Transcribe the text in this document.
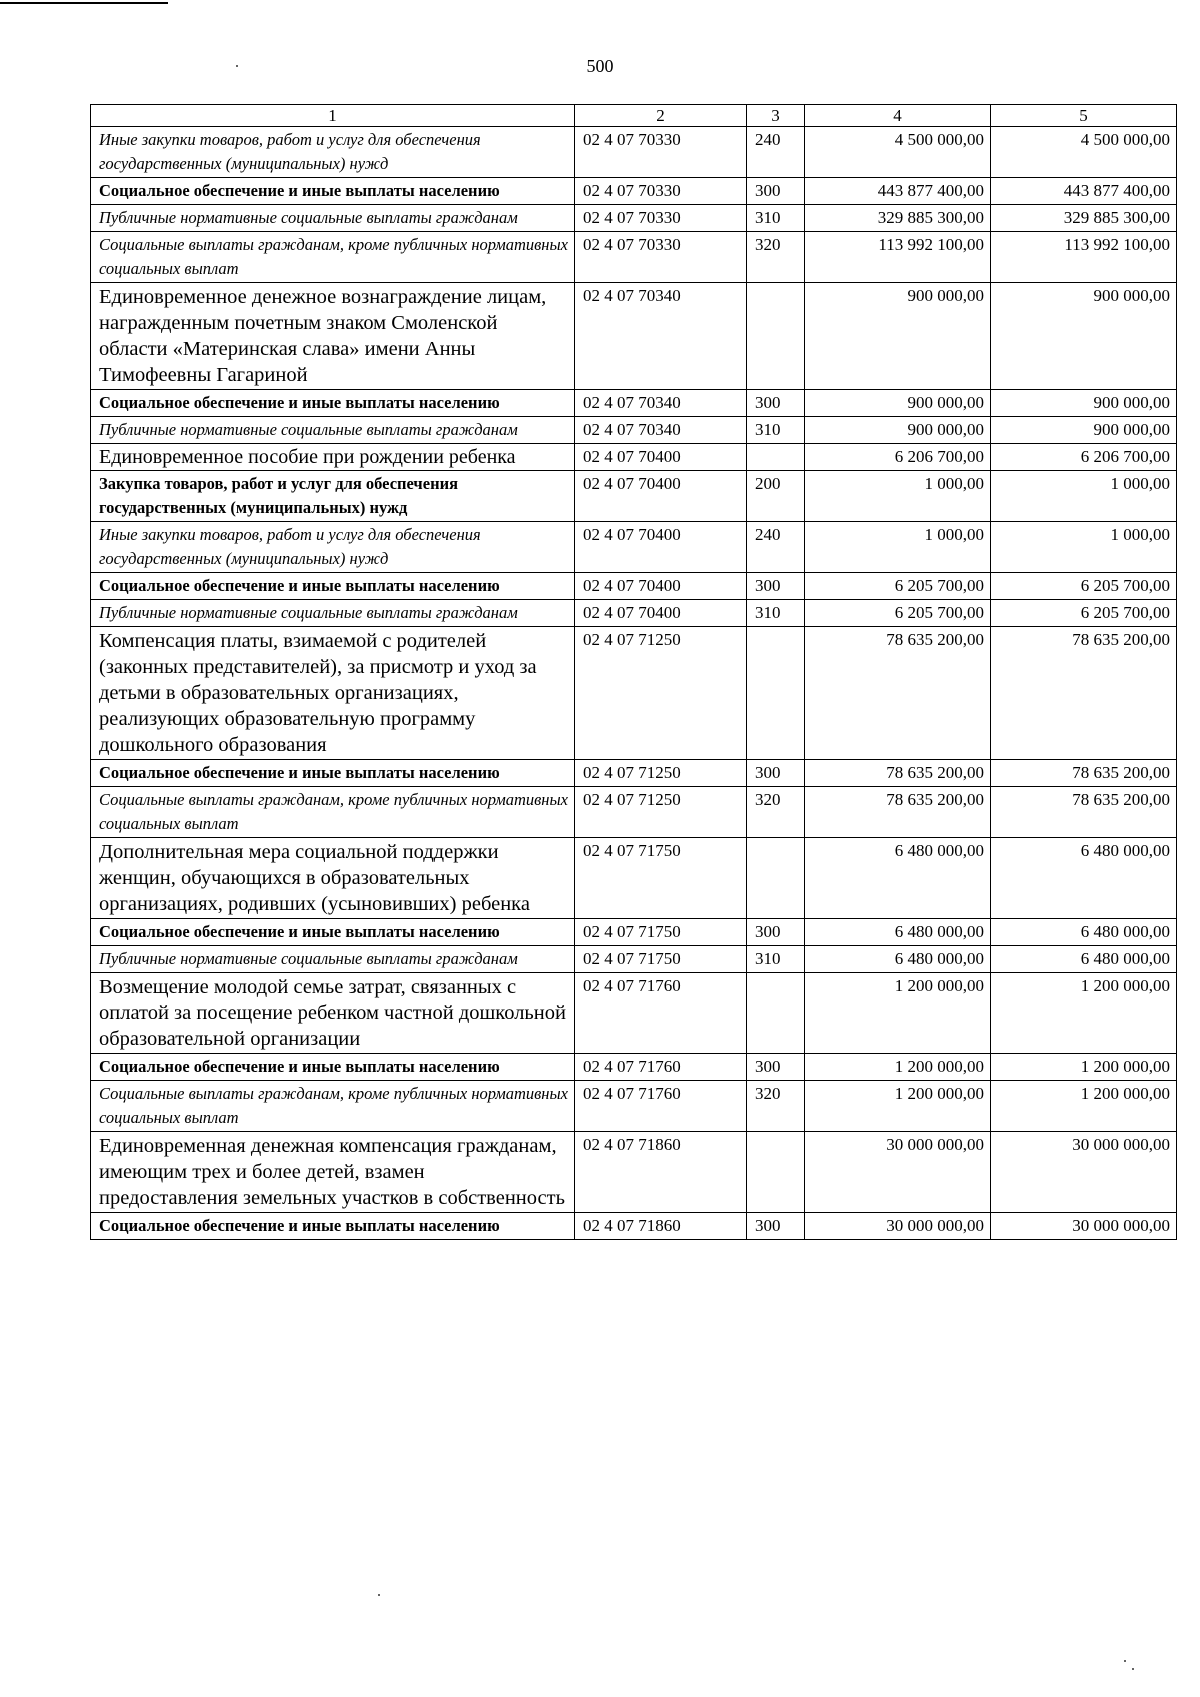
500
1	2	3	4	5
Иные закупки товаров, работ и услуг для обеспечения государственных (муниципальных) нужд	02 4 07 70330	240	4 500 000,00	4 500 000,00
Социальное обеспечение и иные выплаты населению	02 4 07 70330	300	443 877 400,00	443 877 400,00
Публичные нормативные социальные выплаты гражданам	02 4 07 70330	310	329 885 300,00	329 885 300,00
Социальные выплаты гражданам, кроме публичных нормативных социальных выплат	02 4 07 70330	320	113 992 100,00	113 992 100,00
Единовременное денежное вознаграждение лицам, награжденным почетным знаком Смоленской области «Материнская слава» имени Анны Тимофеевны Гагариной	02 4 07 70340		900 000,00	900 000,00
Социальное обеспечение и иные выплаты населению	02 4 07 70340	300	900 000,00	900 000,00
Публичные нормативные социальные выплаты гражданам	02 4 07 70340	310	900 000,00	900 000,00
Единовременное пособие при рождении ребенка	02 4 07 70400		6 206 700,00	6 206 700,00
Закупка товаров, работ и услуг для обеспечения государственных (муниципальных) нужд	02 4 07 70400	200	1 000,00	1 000,00
Иные закупки товаров, работ и услуг для обеспечения государственных (муниципальных) нужд	02 4 07 70400	240	1 000,00	1 000,00
Социальное обеспечение и иные выплаты населению	02 4 07 70400	300	6 205 700,00	6 205 700,00
Публичные нормативные социальные выплаты гражданам	02 4 07 70400	310	6 205 700,00	6 205 700,00
Компенсация платы, взимаемой с родителей (законных представителей), за присмотр и уход за детьми в образовательных организациях, реализующих образовательную программу дошкольного образования	02 4 07 71250		78 635 200,00	78 635 200,00
Социальное обеспечение и иные выплаты населению	02 4 07 71250	300	78 635 200,00	78 635 200,00
Социальные выплаты гражданам, кроме публичных нормативных социальных выплат	02 4 07 71250	320	78 635 200,00	78 635 200,00
Дополнительная мера социальной поддержки женщин, обучающихся в образовательных организациях, родивших (усыновивших) ребенка	02 4 07 71750		6 480 000,00	6 480 000,00
Социальное обеспечение и иные выплаты населению	02 4 07 71750	300	6 480 000,00	6 480 000,00
Публичные нормативные социальные выплаты гражданам	02 4 07 71750	310	6 480 000,00	6 480 000,00
Возмещение молодой семье затрат, связанных с оплатой за посещение ребенком частной дошкольной образовательной организации	02 4 07 71760		1 200 000,00	1 200 000,00
Социальное обеспечение и иные выплаты населению	02 4 07 71760	300	1 200 000,00	1 200 000,00
Социальные выплаты гражданам, кроме публичных нормативных социальных выплат	02 4 07 71760	320	1 200 000,00	1 200 000,00
Единовременная денежная компенсация гражданам, имеющим трех и более детей, взамен предоставления земельных участков в собственность	02 4 07 71860		30 000 000,00	30 000 000,00
Социальное обеспечение и иные выплаты населению	02 4 07 71860	300	30 000 000,00	30 000 000,00
